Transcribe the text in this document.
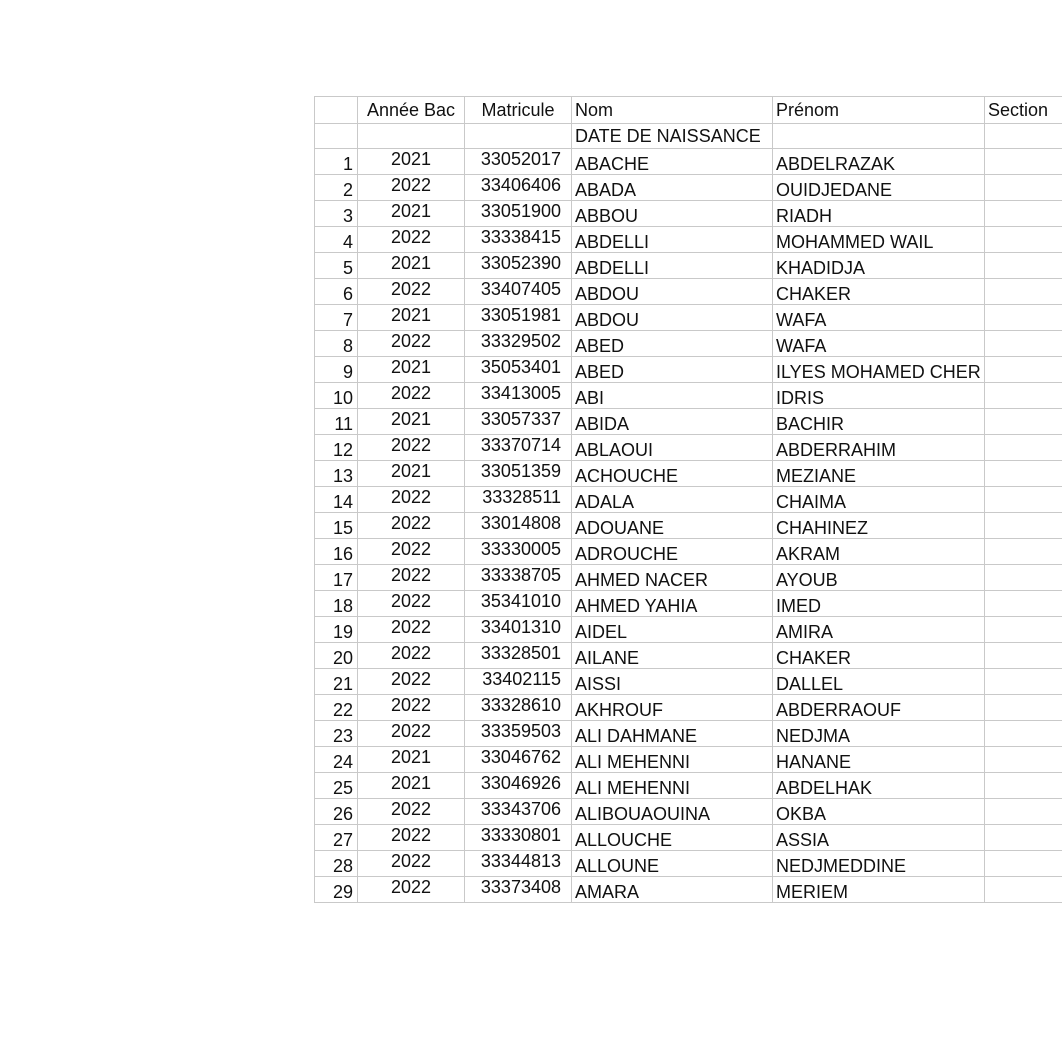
	Année Bac	Matricule	Nom	Prénom	Section
			DATE DE NAISSANCE		
1	2021	33052017	ABACHE	ABDELRAZAK	
2	2022	33406406	ABADA	OUIDJEDANE	
3	2021	33051900	ABBOU	RIADH	
4	2022	33338415	ABDELLI	MOHAMMED WAIL	
5	2021	33052390	ABDELLI	KHADIDJA	
6	2022	33407405	ABDOU	CHAKER	
7	2021	33051981	ABDOU	WAFA	
8	2022	33329502	ABED	WAFA	
9	2021	35053401	ABED	ILYES MOHAMED CHER	
10	2022	33413005	ABI	IDRIS	
11	2021	33057337	ABIDA	BACHIR	
12	2022	33370714	ABLAOUI	ABDERRAHIM	
13	2021	33051359	ACHOUCHE	MEZIANE	
14	2022	33328511	ADALA	CHAIMA	
15	2022	33014808	ADOUANE	CHAHINEZ	
16	2022	33330005	ADROUCHE	AKRAM	
17	2022	33338705	AHMED NACER	AYOUB	
18	2022	35341010	AHMED YAHIA	IMED	
19	2022	33401310	AIDEL	AMIRA	
20	2022	33328501	AILANE	CHAKER	
21	2022	33402115	AISSI	DALLEL	
22	2022	33328610	AKHROUF	ABDERRAOUF	
23	2022	33359503	ALI DAHMANE	NEDJMA	
24	2021	33046762	ALI MEHENNI	HANANE	
25	2021	33046926	ALI MEHENNI	ABDELHAK	
26	2022	33343706	ALIBOUAOUINA	OKBA	
27	2022	33330801	ALLOUCHE	ASSIA	
28	2022	33344813	ALLOUNE	NEDJMEDDINE	
29	2022	33373408	AMARA	MERIEM	
